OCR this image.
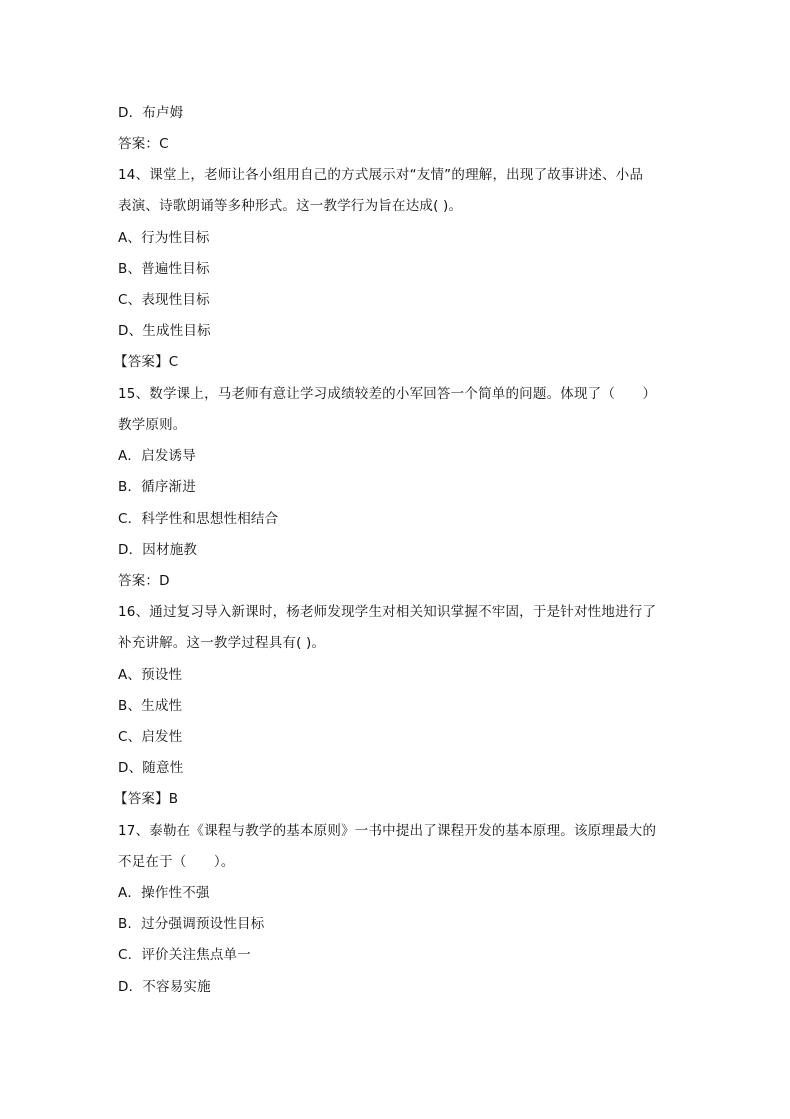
D．布卢姆
答案：C
14、课堂上，老师让各小组用自己的方式展示对“友情”的理解，出现了故事讲述、小品
表演、诗歌朗诵等多种形式。这一教学行为旨在达成( )。
A、行为性目标
B、普遍性目标
C、表现性目标
D、生成性目标
【答案】C
15、数学课上，马老师有意让学习成绩较差的小军回答一个简单的问题。体现了（　　）
教学原则。
A．启发诱导
B．循序渐进
C．科学性和思想性相结合
D．因材施教
答案：D
16、通过复习导入新课时，杨老师发现学生对相关知识掌握不牢固，于是针对性地进行了
补充讲解。这一教学过程具有( )。
A、预设性
B、生成性
C、启发性
D、随意性
【答案】B
17、泰勒在《课程与教学的基本原则》一书中提出了课程开发的基本原理。该原理最大的
不足在于（　　）。
A．操作性不强
B．过分强调预设性目标
C．评价关注焦点单一
D．不容易实施
